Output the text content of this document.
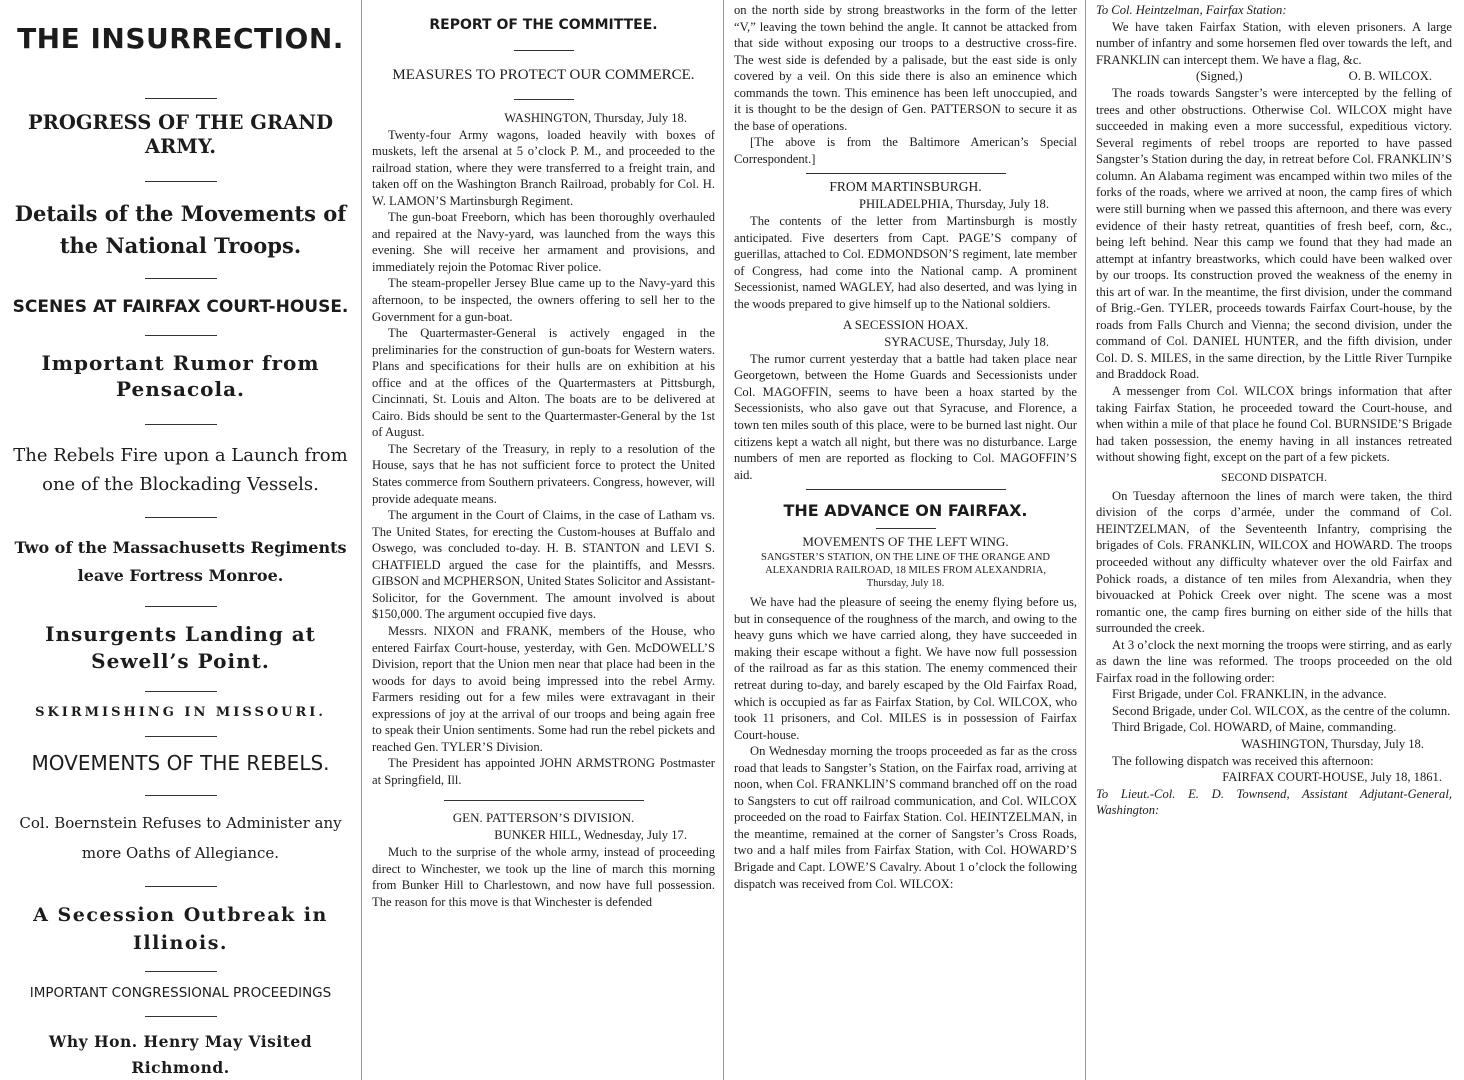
THE INSURRECTION.
PROGRESS OF THE GRAND ARMY.
Details of the Movements of the National Troops.
SCENES AT FAIRFAX COURT-HOUSE.
Important Rumor from Pensacola.
The Rebels Fire upon a Launch from one of the Blockading Vessels.
Two of the Massachusetts Regiments leave Fortress Monroe.
Insurgents Landing at Sewell’s Point.
SKIRMISHING IN MISSOURI.
MOVEMENTS OF THE REBELS.
Col. Boernstein Refuses to Administer any more Oaths of Allegiance.
A Secession Outbreak in Illinois.
IMPORTANT CONGRESSIONAL PROCEEDINGS
Why Hon. Henry May Visited Richmond.
REPORT OF THE COMMITTEE.
MEASURES TO PROTECT OUR COMMERCE.

WASHINGTON, Thursday, July 18.

Twenty-four Army wagons, loaded heavily with boxes of muskets, left the arsenal at 5 o’clock P. M., and proceeded to the railroad station, where they were transferred to a freight train, and taken off on the Washington Branch Railroad, probably for Col. H. W. LAMON’S Martinsburgh Regiment.

The gun-boat Freeborn, which has been thoroughly overhauled and repaired at the Navy-yard, was launched from the ways this evening. She will receive her armament and provisions, and immediately rejoin the Potomac River police.

The steam-propeller Jersey Blue came up to the Navy-yard this afternoon, to be inspected, the owners offering to sell her to the Government for a gun-boat.

The Quartermaster-General is actively engaged in the preliminaries for the construction of gun-boats for Western waters. Plans and specifications for their hulls are on exhibition at his office and at the offices of the Quartermasters at Pittsburgh, Cincinnati, St. Louis and Alton. The boats are to be delivered at Cairo. Bids should be sent to the Quartermaster-General by the 1st of August.

The Secretary of the Treasury, in reply to a resolution of the House, says that he has not sufficient force to protect the United States commerce from Southern privateers. Congress, however, will provide adequate means.

The argument in the Court of Claims, in the case of Latham vs. The United States, for erecting the Custom-houses at Buffalo and Oswego, was concluded to-day. H. B. STANTON and LEVI S. CHATFIELD argued the case for the plaintiffs, and Messrs. GIBSON and MCPHERSON, United States Solicitor and Assistant-Solicitor, for the Government. The amount involved is about $150,000. The argument occupied five days.

Messrs. NIXON and FRANK, members of the House, who entered Fairfax Court-house, yesterday, with Gen. McDOWELL’S Division, report that the Union men near that place had been in the woods for days to avoid being impressed into the rebel Army. Farmers residing out for a few miles were extravagant in their expressions of joy at the arrival of our troops and being again free to speak their Union sentiments. Some had run the rebel pickets and reached Gen. TYLER’S Division.

The President has appointed JOHN ARMSTRONG Postmaster at Springfield, Ill.

GEN. PATTERSON’S DIVISION.

BUNKER HILL, Wednesday, July 17.

Much to the surprise of the whole army, instead of proceeding direct to Winchester, we took up the line of march this morning from Bunker Hill to Charlestown, and now have full possession. The reason for this move is that Winchester is defended

on the north side by strong breastworks in the form of the letter “V,” leaving the town behind the angle. It cannot be attacked from that side without exposing our troops to a destructive cross-fire. The west side is defended by a palisade, but the east side is only covered by a veil. On this side there is also an eminence which commands the town. This eminence has been left unoccupied, and it is thought to be the design of Gen. PATTERSON to secure it as the base of operations.

[The above is from the Baltimore American’s Special Correspondent.]

FROM MARTINSBURGH.

PHILADELPHIA, Thursday, July 18.

The contents of the letter from Martinsburgh is mostly anticipated. Five deserters from Capt. PAGE’S company of guerillas, attached to Col. EDMONDSON’S regiment, late member of Congress, had come into the National camp. A prominent Secessionist, named WAGLEY, had also deserted, and was lying in the woods prepared to give himself up to the National soldiers.

A SECESSION HOAX.

SYRACUSE, Thursday, July 18.

The rumor current yesterday that a battle had taken place near Georgetown, between the Home Guards and Secessionists under Col. MAGOFFIN, seems to have been a hoax started by the Secessionists, who also gave out that Syracuse, and Florence, a town ten miles south of this place, were to be burned last night. Our citizens kept a watch all night, but there was no disturbance. Large numbers of men are reported as flocking to Col. MAGOFFIN’S aid.

THE ADVANCE ON FAIRFAX.
MOVEMENTS OF THE LEFT WING.

SANGSTER’S STATION, ON THE LINE OF THE ORANGE AND ALEXANDRIA RAILROAD, 18 MILES FROM ALEXANDRIA, Thursday, July 18.

We have had the pleasure of seeing the enemy flying before us, but in consequence of the roughness of the march, and owing to the heavy guns which we have carried along, they have succeeded in making their escape without a fight. We have now full possession of the railroad as far as this station. The enemy commenced their retreat during to-day, and barely escaped by the Old Fairfax Road, which is occupied as far as Fairfax Station, by Col. WILCOX, who took 11 prisoners, and Col. MILES is in possession of Fairfax Court-house.

On Wednesday morning the troops proceeded as far as the cross road that leads to Sangster’s Station, on the Fairfax road, arriving at noon, when Col. FRANKLIN’S command branched off on the road to Sangsters to cut off railroad communication, and Col. WILCOX proceeded on the road to Fairfax Station. Col. HEINTZELMAN, in the meantime, remained at the corner of Sangster’s Cross Roads, two and a half miles from Fairfax Station, with Col. HOWARD’S Brigade and Capt. LOWE’S Cavalry. About 1 o’clock the following dispatch was received from Col. WILCOX:

To Col. Heintzelman, Fairfax Station:

We have taken Fairfax Station, with eleven prisoners. A large number of infantry and some horsemen fled over towards the left, and FRANKLIN can intercept them. We have a flag, &c.

(Signed,)	O. B. WILCOX.

The roads towards Sangster’s were intercepted by the felling of trees and other obstructions. Otherwise Col. WILCOX might have succeeded in making even a more successful, expeditious victory. Several regiments of rebel troops are reported to have passed Sangster’s Station during the day, in retreat before Col. FRANKLIN’S column. An Alabama regiment was encamped within two miles of the forks of the roads, where we arrived at noon, the camp fires of which were still burning when we passed this afternoon, and there was every evidence of their hasty retreat, quantities of fresh beef, corn, &c., being left behind. Near this camp we found that they had made an attempt at infantry breastworks, which could have been walked over by our troops. Its construction proved the weakness of the enemy in this art of war. In the meantime, the first division, under the command of Brig.-Gen. TYLER, proceeds towards Fairfax Court-house, by the roads from Falls Church and Vienna; the second division, under the command of Col. DANIEL HUNTER, and the fifth division, under Col. D. S. MILES, in the same direction, by the Little River Turnpike and Braddock Road.

A messenger from Col. WILCOX brings information that after taking Fairfax Station, he proceeded toward the Court-house, and when within a mile of that place he found Col. BURNSIDE’S Brigade had taken possession, the enemy having in all instances retreated without showing fight, except on the part of a few pickets.

SECOND DISPATCH.

On Tuesday afternoon the lines of march were taken, the third division of the corps d’armée, under the command of Col. HEINTZELMAN, of the Seventeenth Infantry, comprising the brigades of Cols. FRANKLIN, WILCOX and HOWARD. The troops proceeded without any difficulty whatever over the old Fairfax and Pohick roads, a distance of ten miles from Alexandria, when they bivouacked at Pohick Creek over night. The scene was a most romantic one, the camp fires burning on either side of the hills that surrounded the creek.

At 3 o’clock the next morning the troops were stirring, and as early as dawn the line was reformed. The troops proceeded on the old Fairfax road in the following order:

First Brigade, under Col. FRANKLIN, in the advance.

Second Brigade, under Col. WILCOX, as the centre of the column.

Third Brigade, Col. HOWARD, of Maine, commanding.

WASHINGTON, Thursday, July 18.

The following dispatch was received this afternoon:

FAIRFAX COURT-HOUSE, July 18, 1861.

To Lieut.-Col. E. D. Townsend, Assistant Adjutant-General, Washington:
